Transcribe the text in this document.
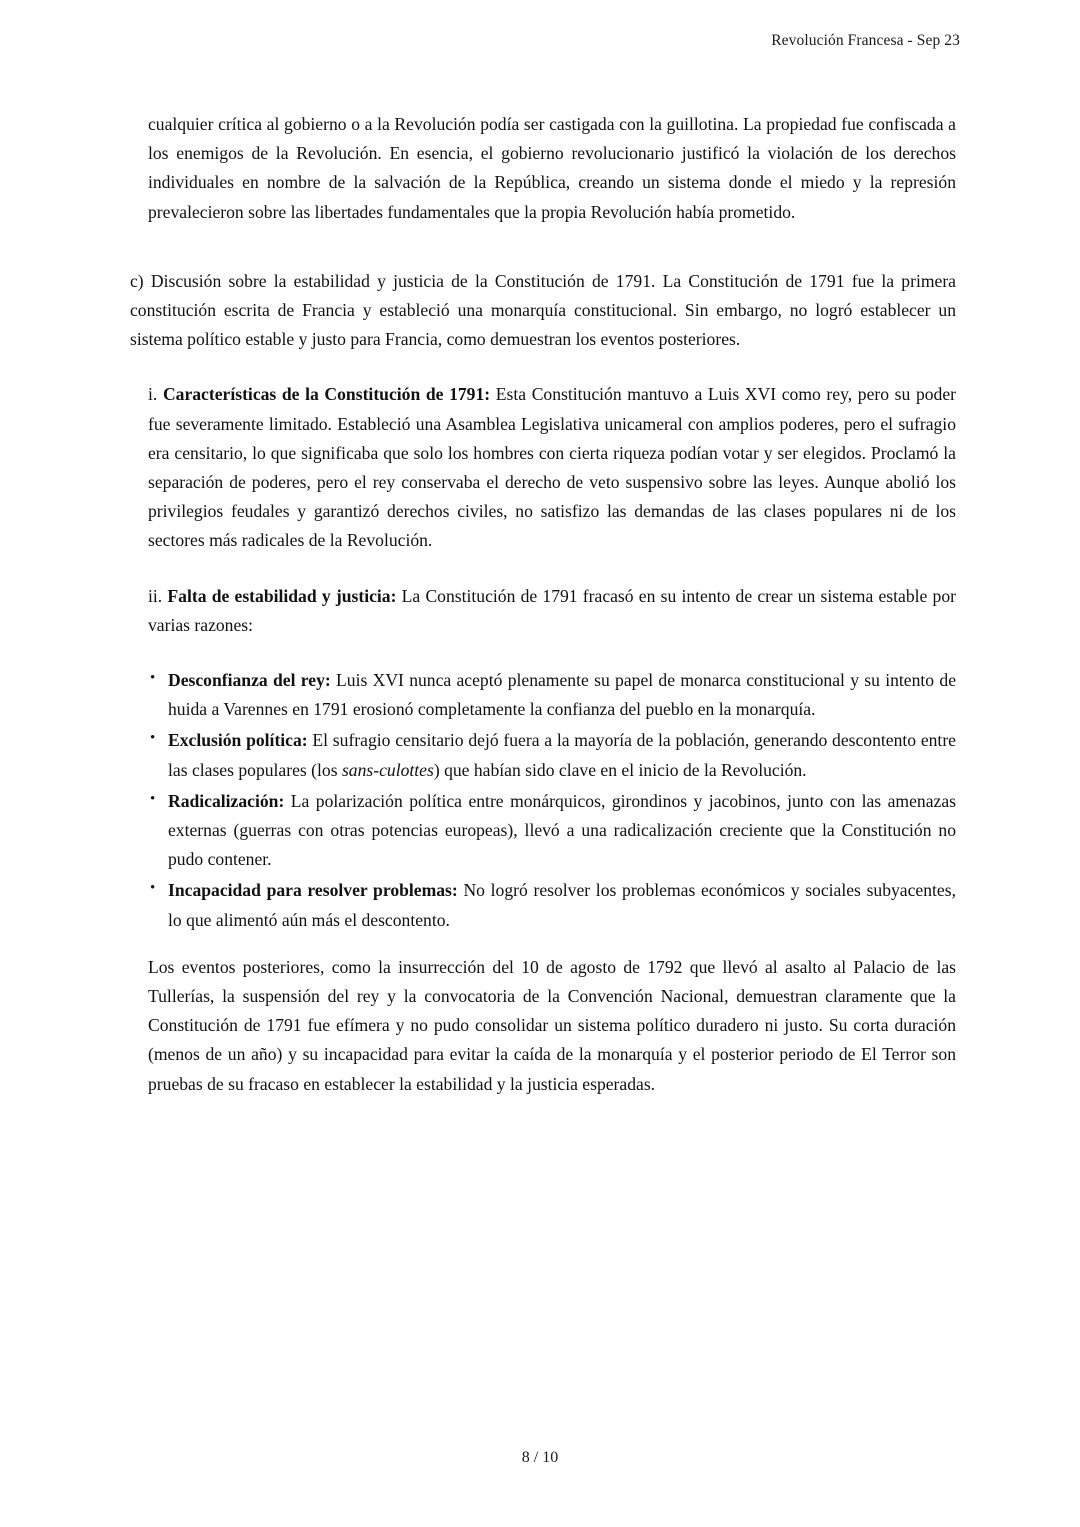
Revolución Francesa - Sep 23

cualquier crítica al gobierno o a la Revolución podía ser castigada con la guillotina. La propiedad fue confiscada a los enemigos de la Revolución. En esencia, el gobierno revolucionario justificó la violación de los derechos individuales en nombre de la salvación de la República, creando un sistema donde el miedo y la represión prevalecieron sobre las libertades fundamentales que la propia Revolución había prometido.

c) Discusión sobre la estabilidad y justicia de la Constitución de 1791. La Constitución de 1791 fue la primera constitución escrita de Francia y estableció una monarquía constitucional. Sin embargo, no logró establecer un sistema político estable y justo para Francia, como demuestran los eventos posteriores.

i. Características de la Constitución de 1791: Esta Constitución mantuvo a Luis XVI como rey, pero su poder fue severamente limitado. Estableció una Asamblea Legislativa unicameral con amplios poderes, pero el sufragio era censitario, lo que significaba que solo los hombres con cierta riqueza podían votar y ser elegidos. Proclamó la separación de poderes, pero el rey conservaba el derecho de veto suspensivo sobre las leyes. Aunque abolió los privilegios feudales y garantizó derechos civiles, no satisfizo las demandas de las clases populares ni de los sectores más radicales de la Revolución.

ii. Falta de estabilidad y justicia: La Constitución de 1791 fracasó en su intento de crear un sistema estable por varias razones:

• Desconfianza del rey: Luis XVI nunca aceptó plenamente su papel de monarca constitucional y su intento de huida a Varennes en 1791 erosionó completamente la confianza del pueblo en la monarquía.
• Exclusión política: El sufragio censitario dejó fuera a la mayoría de la población, generando descontento entre las clases populares (los sans-culottes) que habían sido clave en el inicio de la Revolución.
• Radicalización: La polarización política entre monárquicos, girondinos y jacobinos, junto con las amenazas externas (guerras con otras potencias europeas), llevó a una radicalización creciente que la Constitución no pudo contener.
• Incapacidad para resolver problemas: No logró resolver los problemas económicos y sociales subyacentes, lo que alimentó aún más el descontento.

Los eventos posteriores, como la insurrección del 10 de agosto de 1792 que llevó al asalto al Palacio de las Tullerías, la suspensión del rey y la convocatoria de la Convención Nacional, demuestran claramente que la Constitución de 1791 fue efímera y no pudo consolidar un sistema político duradero ni justo. Su corta duración (menos de un año) y su incapacidad para evitar la caída de la monarquía y el posterior periodo de El Terror son pruebas de su fracaso en establecer la estabilidad y la justicia esperadas.

8 / 10
